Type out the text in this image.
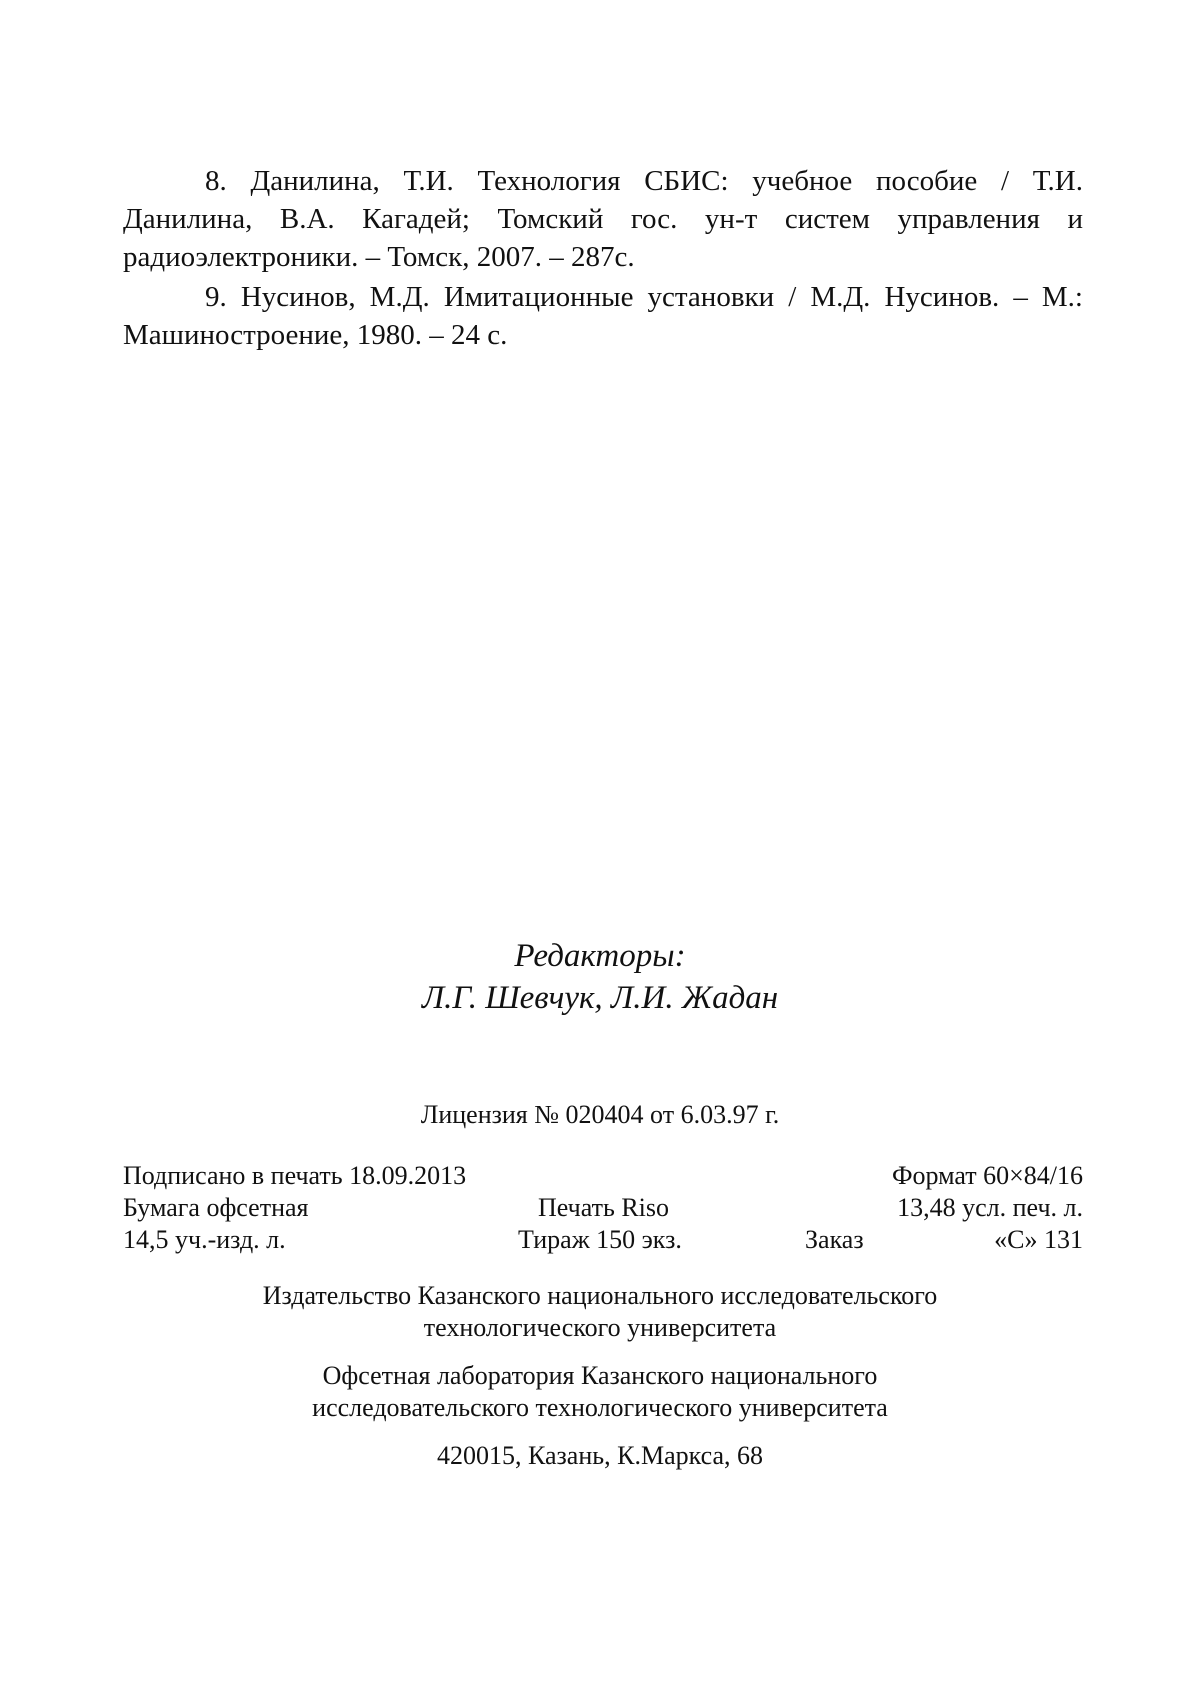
8. Данилина, Т.И. Технология СБИС: учебное пособие / Т.И. Данилина, В.А. Кагадей; Томский гос. ун-т систем управления и радиоэлектроники. – Томск, 2007. – 287с.

9. Нусинов, М.Д. Имитационные установки / М.Д. Нусинов. – М.: Машиностроение, 1980. – 24 с.

Редакторы:
Л.Г. Шевчук, Л.И. Жадан
Лицензия № 020404 от 6.03.97 г.
Подписано в печать 18.09.2013	Формат 60×84/16
Бумага офсетная	Печать Riso	13,48 усл. печ. л.
14,5 уч.-изд. л.	Тираж 150 экз.	Заказ	«С» 131

Издательство Казанского национального исследовательского
технологического университета

Офсетная лаборатория Казанского национального
исследовательского технологического университета

420015, Казань, К.Маркса, 68
